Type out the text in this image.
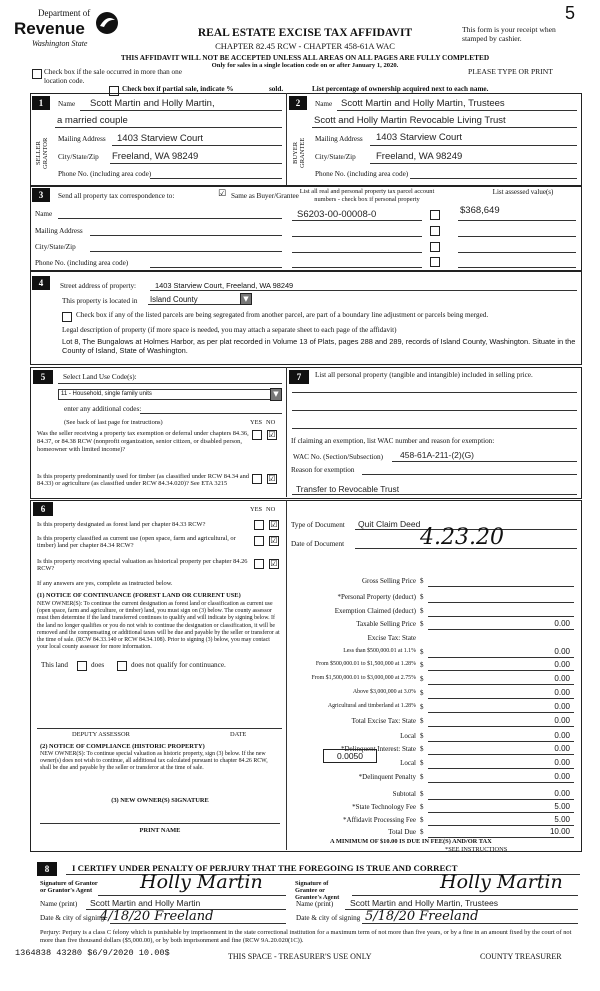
Department of
Revenue
Washington State
REAL ESTATE EXCISE TAX AFFIDAVIT
CHAPTER 82.45 RCW - CHAPTER 458-61A WAC
THIS AFFIDAVIT WILL NOT BE ACCEPTED UNLESS ALL AREAS ON ALL PAGES ARE FULLY COMPLETED
Only for sales in a single location code on or after January 1, 2020.
This form is your receipt when stamped by cashier.
5
PLEASE TYPE OR PRINT
Check box if the sale occurred in more than one location code.
Check box if partial sale, indicate %	sold.	List percentage of ownership acquired next to each name.
1
SELLER GRANTOR
Name Scott Martin and Holly Martin,
a married couple
Mailing Address 1403 Starview Court
City/State/Zip Freeland, WA 98249
Phone No. (including area code)
2
BUYER GRANTEE
Name Scott Martin and Holly Martin, Trustees
Scott and Holly Martin Revocable Living Trust
Mailing Address 1403 Starview Court
City/State/Zip Freeland, WA 98249
Phone No. (including area code)
3	Send all property tax correspondence to:	☑ Same as Buyer/Grantee
List all real and personal property tax parcel account numbers - check box if personal property
List assessed value(s)
Name
Mailing Address
City/State/Zip
Phone No. (including area code)
S6203-00-00008-0	$368,649
4	Street address of property:	1403 Starview Court, Freeland, WA 98249
This property is located in Island County	▼
Check box if any of the listed parcels are being segregated from another parcel, are part of a boundary line adjustment or parcels being merged.
Legal description of property (if more space is needed, you may attach a separate sheet to each page of the affidavit)
Lot 8, The Bungalows at Holmes Harbor, as per plat recorded in Volume 13 of Plats, pages 288 and 289, records of Island County, Washington. Situate in the County of Island, State of Washington.
5	Select Land Use Code(s):
11 - Household, single family units	▼
enter any additional codes:
(See back of last page for instructions)	YES NO
Was the seller receiving a property tax exemption or deferral under chapters 84.36, 84.37, or 84.38 RCW (nonprofit organization, senior citizen, or disabled person, homeowner with limited income)?
☑
Is this property predominantly used for timber (as classified under RCW 84.34 and 84.33) or agriculture (as classified under RCW 84.34.020)? See ETA 3215
☑
7	List all personal property (tangible and intangible) included in selling price.
If claiming an exemption, list WAC number and reason for exemption:
WAC No. (Section/Subsection) 458-61A-211-(2)(G)
Reason for exemption
Transfer to Revocable Trust
6	YES NO
Is this property designated as forest land per chapter 84.33 RCW?	☑
Is this property classified as current use (open space, farm and agricultural, or timber) land per chapter 84.34 RCW?
☑
Is this property receiving special valuation as historical property per chapter 84.26 RCW?
☑
If any answers are yes, complete as instructed below.
(1) NOTICE OF CONTINUANCE (FOREST LAND OR CURRENT USE)
NEW OWNER(S): To continue the current designation as forest land or classification as current use (open space, farm and agriculture, or timber) land, you must sign on (3) below. The county assessor must then determine if the land transferred continues to qualify and will indicate by signing below. If the land no longer qualifies or you do not wish to continue the designation or classification, it will be removed and the compensating or additional taxes will be due and payable by the seller or transferor at the time of sale. (RCW 84.33.140 or RCW 84.34.108). Prior to signing (3) below, you may contact your local county assessor for more information.
This land	does	does not qualify for continuance.
DEPUTY ASSESSOR	DATE
(2) NOTICE OF COMPLIANCE (HISTORIC PROPERTY)
NEW OWNER(S): To continue special valuation as historic property, sign (3) below. If the new owner(s) does not wish to continue, all additional tax calculated pursuant to chapter 84.26 RCW, shall be due and payable by the seller or transferor at the time of sale.
(3) NEW OWNER(S) SIGNATURE
PRINT NAME
Type of Document Quit Claim Deed
Date of Document	4.23.20
Gross Selling Price $
*Personal Property (deduct) $
Exemption Claimed (deduct) $
Taxable Selling Price $	0.00
Excise Tax: State
Less than $500,000.01 at 1.1% $	0.00
From $500,000.01 to $1,500,000 at 1.28% $	0.00
From $1,500,000.01 to $3,000,000 at 2.75% $	0.00
Above $3,000,000 at 3.0% $	0.00
Agricultural and timberland at 1.28% $	0.00
Total Excise Tax: State $	0.00
Local $	0.00
*Delinquent Interest: State $	0.00
Local $	0.00
*Delinquent Penalty $	0.00
Subtotal $	0.00
*State Technology Fee $	5.00
*Affidavit Processing Fee $	5.00
Total Due $	10.00
0.0050
A MINIMUM OF $10.00 IS DUE IN FEE(S) AND/OR TAX
*SEE INSTRUCTIONS
8	I CERTIFY UNDER PENALTY OF PERJURY THAT THE FOREGOING IS TRUE AND CORRECT
Signature of Grantor or Grantor's Agent	Holly Martin
Name (print) Scott Martin and Holly Martin
Date & city of signing
4/18/20 Freeland
Signature of Grantee or Grantee's Agent
Holly Martin
Name (print) Scott Martin and Holly Martin, Trustees
Date & city of signing 5/18/20 Freeland
Perjury: Perjury is a class C felony which is punishable by imprisonment in the state correctional institution for a maximum term of not more than five years, or by a fine in an amount fixed by the court of not more than five thousand dollars ($5,000.00), or by both imprisonment and fine (RCW 9A.20.020(1C)).
1364838 43280 $6/9/2020 10.00$	THIS SPACE - TREASURER'S USE ONLY	COUNTY TREASURER
